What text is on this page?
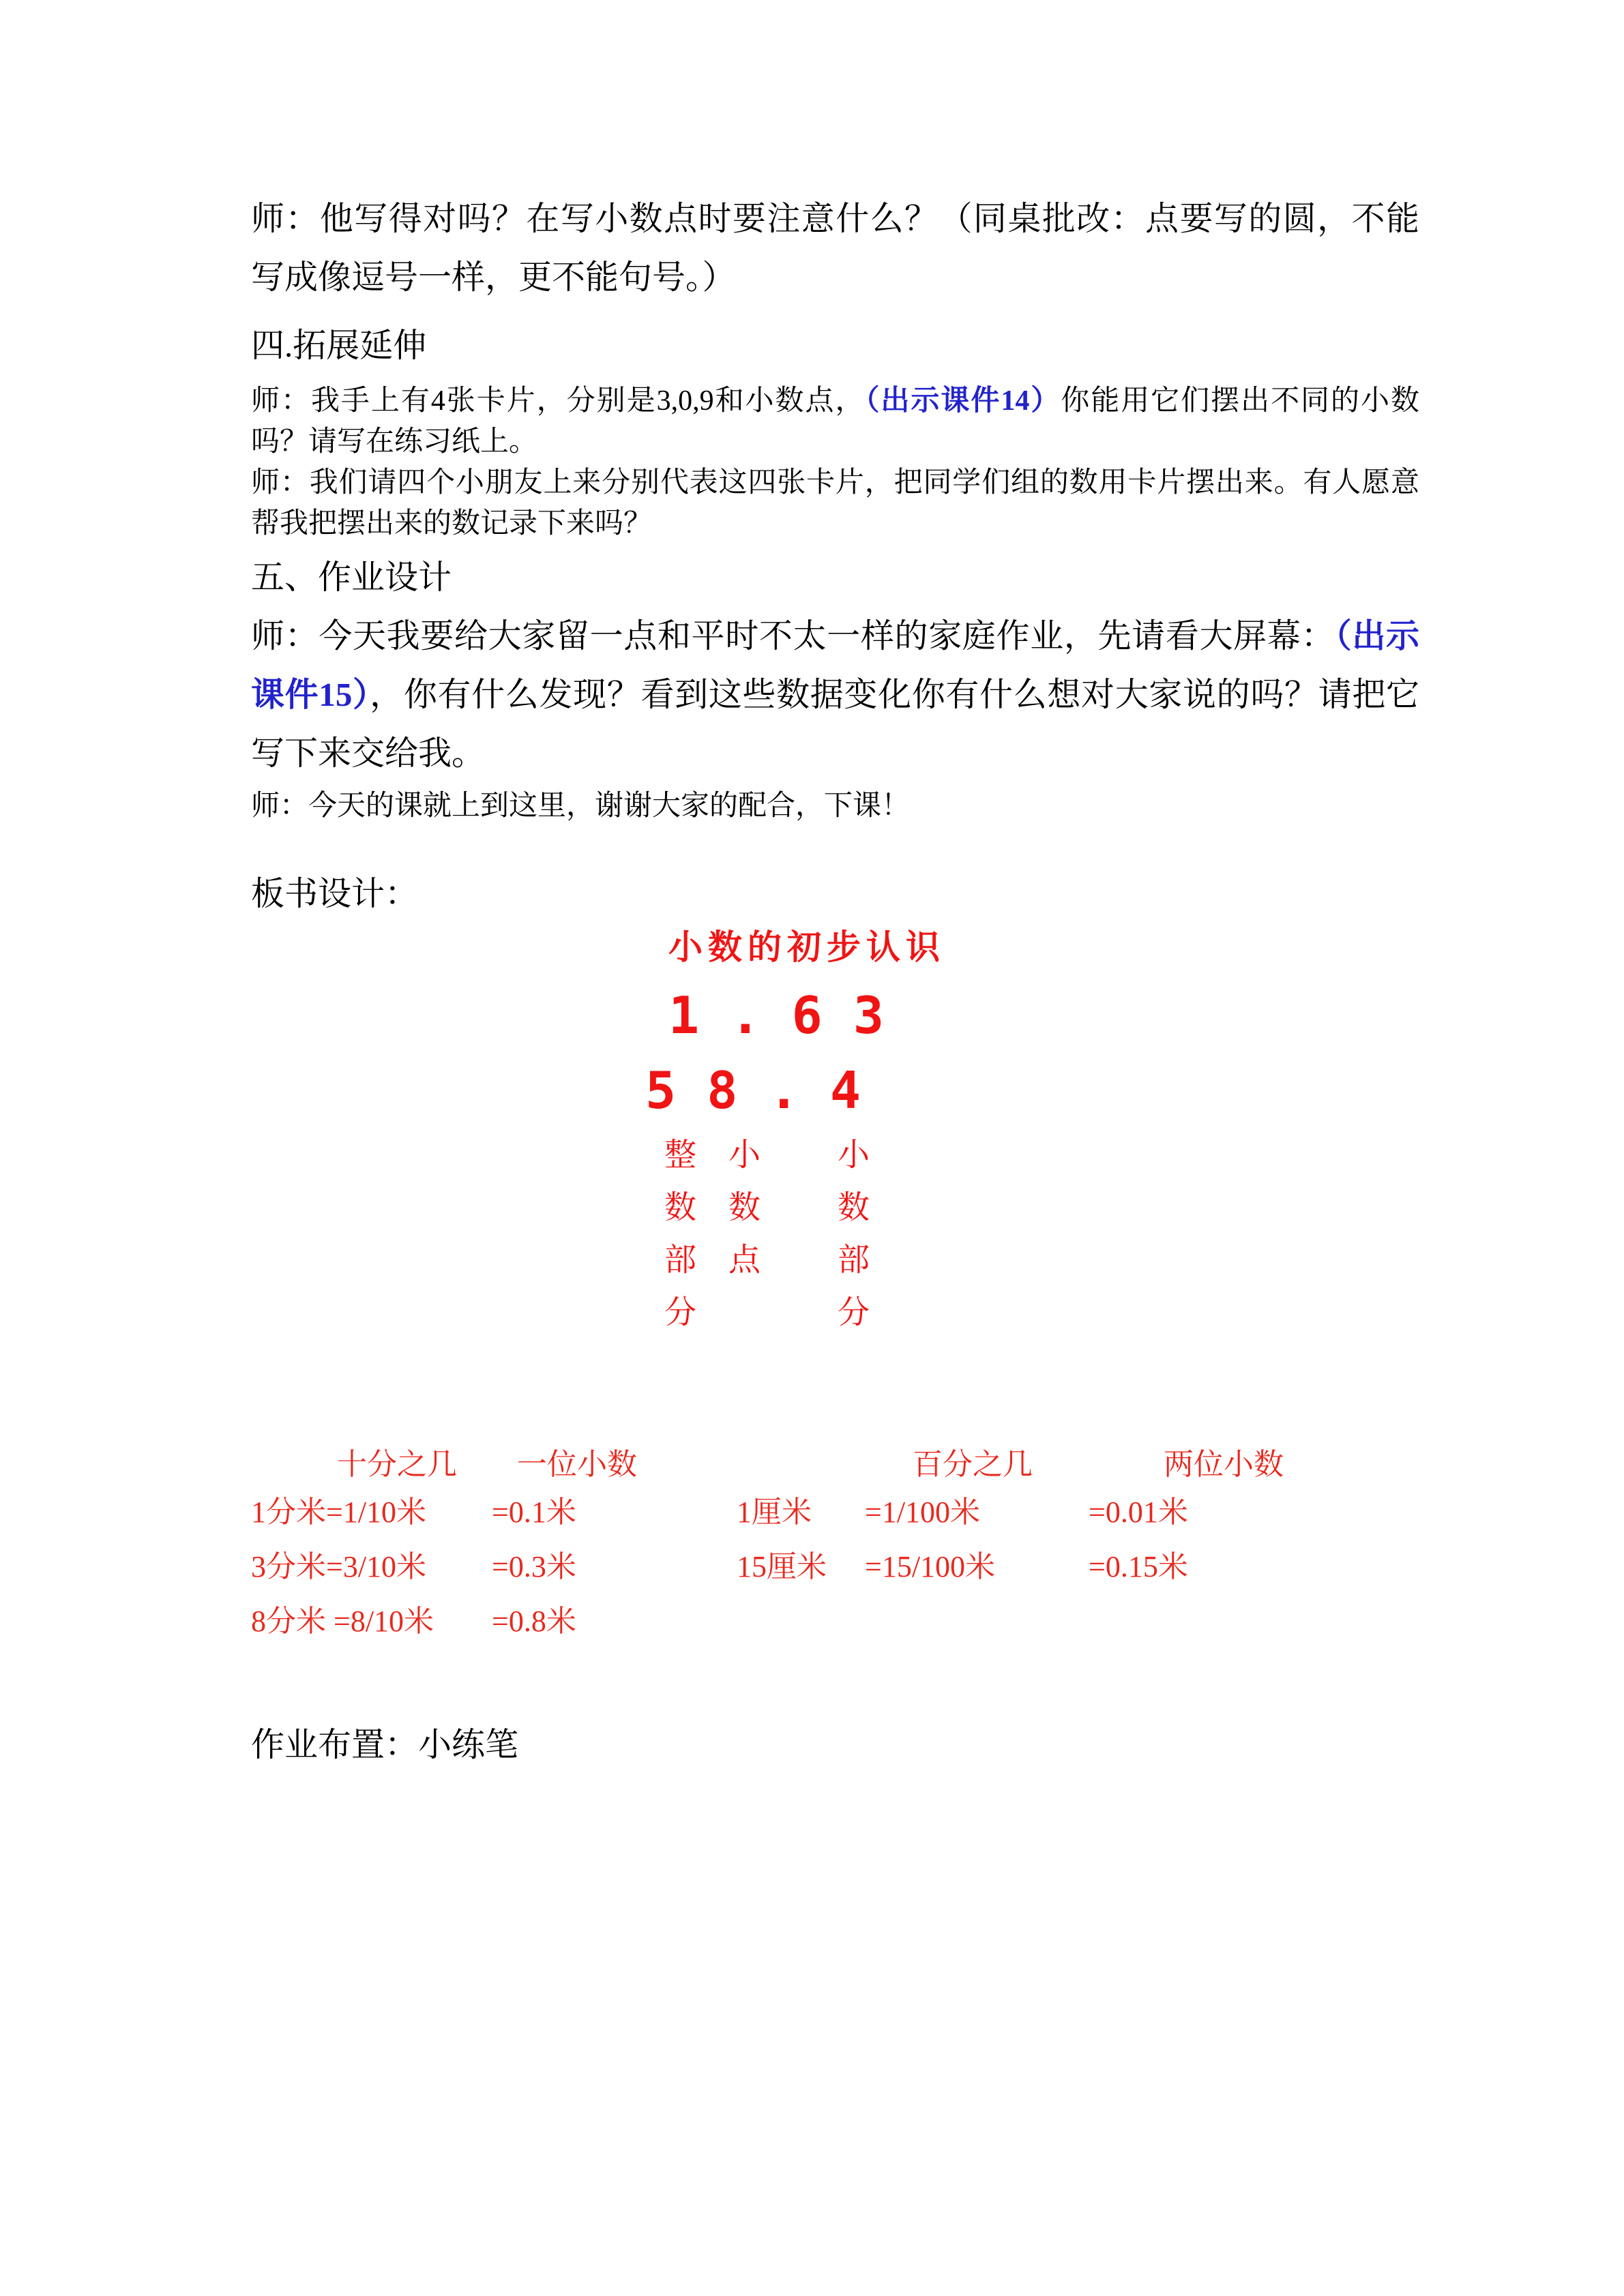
师：他写得对吗？在写小数点时要注意什么？（同桌批改：点要写的圆，不能写成像逗号一样，更不能句号。）

四.拓展延伸

师：我手上有4张卡片，分别是3,0,9和小数点，（出示课件14）你能用它们摆出不同的小数吗？请写在练习纸上。

师：我们请四个小朋友上来分别代表这四张卡片，把同学们组的数用卡片摆出来。有人愿意帮我把摆出来的数记录下来吗？

五、作业设计

师：今天我要给大家留一点和平时不太一样的家庭作业，先请看大屏幕：（出示课件15），你有什么发现？看到这些数据变化你有什么想对大家说的吗？请把它写下来交给我。

师：今天的课就上到这里，谢谢大家的配合，下课！

板书设计：

小数的初步认识
1 . 6 3
5 8 . 4
整数部分 小数点 小数部分
十分之几 一位小数	百分之几	两位小数
1分米=1/10米 =0.1米	1厘米 =1/100米	=0.01米
3分米=3/10米 =0.3米	15厘米 =15/100米	=0.15米
8分米 =8/10米 =0.8米

作业布置：小练笔
